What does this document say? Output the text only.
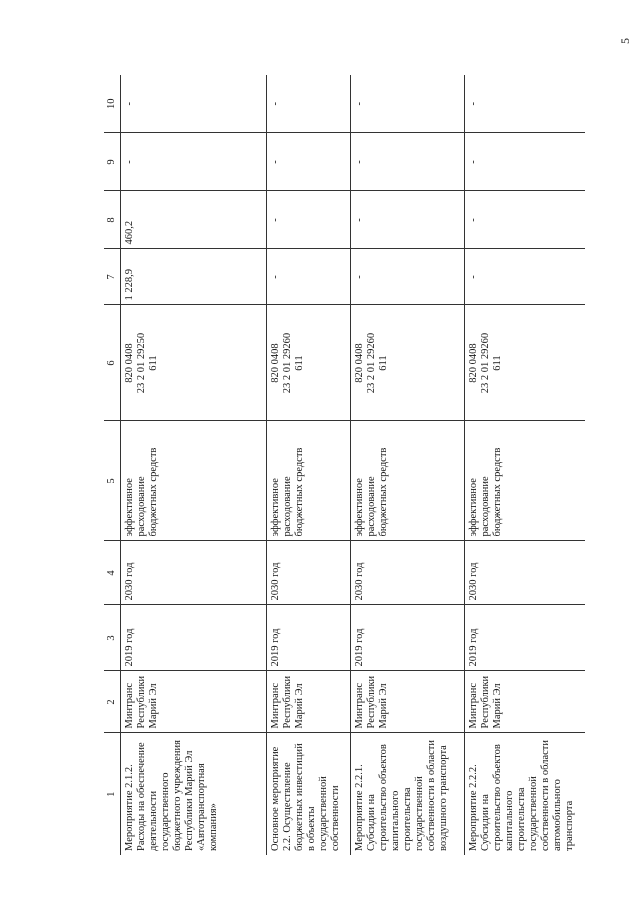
5
1	2	3	4	5	6	7	8	9	10
Мероприятие 2.1.2. Расходы на обеспечение деятельности государственного бюджетного учреждения Республики Марий Эл «Автотранспортная компания»	Минтранс Республики Марий Эл	2019 год	2030 год	эффективное расходование бюджетных средств	820 0408
23 2 01 29250
611	1 228,9	460,2	-	-
Основное мероприятие 2.2. Осуществление бюджетных инвестиций в объекты государственной собственности	Минтранс Республики Марий Эл	2019 год	2030 год	эффективное расходование бюджетных средств	820 0408
23 2 01 29260
611	-	-	-	-
Мероприятие 2.2.1. Субсидии на строительство объектов капитального строительства государственной собственности в области воздушного транспорта	Минтранс Республики Марий Эл	2019 год	2030 год	эффективное расходование бюджетных средств	820 0408
23 2 01 29260
611	-	-	-	-
Мероприятие 2.2.2. Субсидии на строительство объектов капитального строительства государственной собственности в области автомобильного транспорта	Минтранс Республики Марий Эл	2019 год	2030 год	эффективное расходование бюджетных средств	820 0408
23 2 01 29260
611	-	-	-	-
